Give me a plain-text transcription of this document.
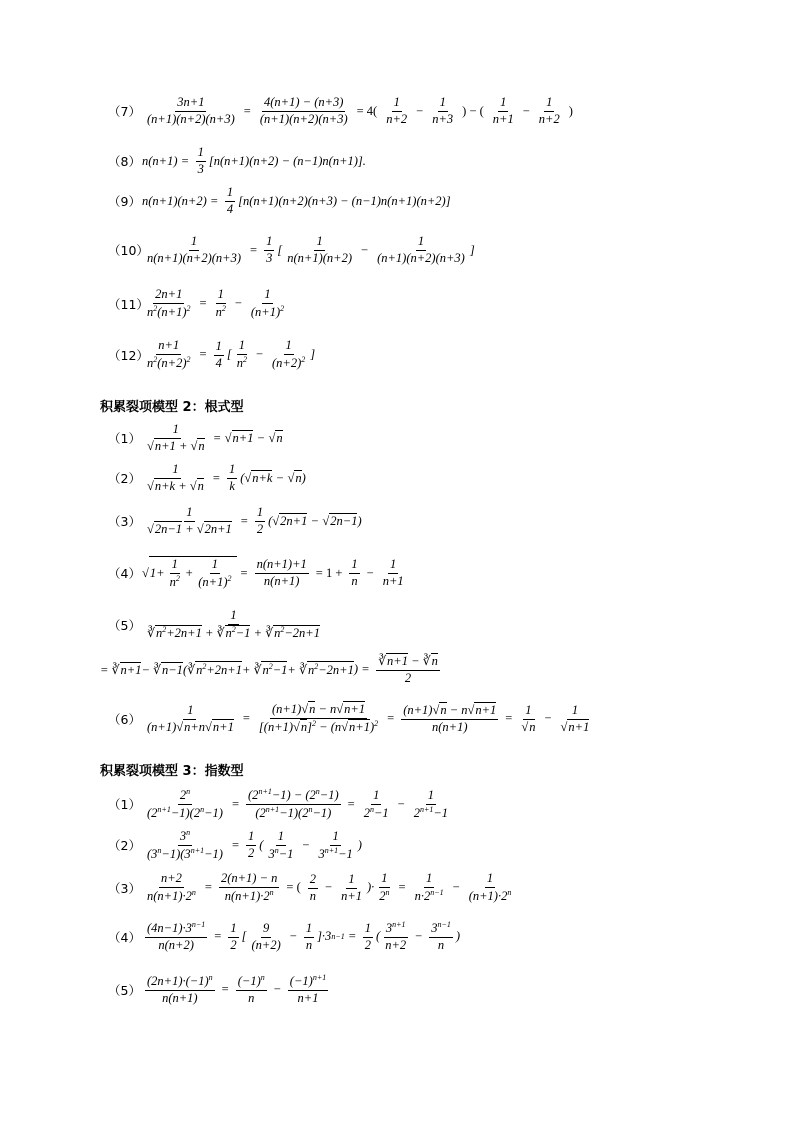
$(7) \frac{3n+1}{(n+1)(n+2)(n+3)} = \frac{4(n+1) - (n+3)}{(n+1)(n+2)(n+3)} = 4( \frac{1}{n+2} - \frac{1}{n+3}$ ) − ( $\frac{1}{n+1} - \frac{1}{n+2}$ )
（8） $n(n+1) = \frac{1}{3} [n(n+1)(n+2) - (n-1)n(n+1)]$.
（9） $n(n+1)(n+2) = \frac{1}{4} [n(n+1)(n+2)(n+3) - (n-1)n(n+1)(n+2)]$
（10）
$\frac{1}{n(n+1)(n+2)(n+3)} = \frac{1}{3}$ [ $\frac{1}{n(n+1)(n+2)} - \frac{1}{(n+1)(n+2)(n+3)}$ ]
（11）
$\frac{2n+1}{n^2(n+1)^2} = \frac{1}{n^2} - \frac{1}{(n+1)^2}$
（12）
$\frac{n+1}{n^2(n+2)^2} = \frac{1}{4}$ [ $\frac{1}{n^2} - \frac{1}{(n+2)^2}$ ]
积累裂项模型 2：根式型
$(1) \frac{1}{√n+1 + √n}$ = √ n+1 − √ n
$(2) \frac{1}{√n+k + √n} = \frac{1}{k}$ (√ n+k − √ n )
$(3) \frac{1}{√2n-1 + √2n+1} = \frac{1}{2}$ (√ 2n+1 − √ 2n−1 )
（4） √ $1+ \frac{1}{n^2} + \frac{1}{(n+1)^2} = \frac{n(n+1)+1}{n(n+1)} = 1 + \frac{1}{n} - \frac{1}{n+1}$
$(5) \frac{1}{∛n^2+2n+1 + ∛n^2-1 + ∛n^2-2n+1}$
= ∛ n+1 − ∛ n−1 (∛ $n^2+2n+1$ + ∛ $n^2-1$ + ∛ $n^2-2n+1$ ) = $\frac{∛n+1 - ∛n}{2}$
$(6) \frac{1}{(n+1)√n+n√n+1} = \frac{(n+1)√n - n√n+1}{[(n+1)√n]^2 - (n√n+1)^2} = \frac{(n+1)√n - n√n+1}{n(n+1)} = \frac{1}{√n} - \frac{1}{√n+1}$
积累裂项模型 3：指数型
$(1) \frac{2^n}{(2^{n+1}-1)(2^n-1)} = \frac{(2^{n+1}-1) - (2^n-1)}{(2^{n+1}-1)(2^n-1)} = \frac{1}{2^n-1} - \frac{1}{2^{n+1}-1}$
$(2) \frac{3^n}{(3^n-1)(3^{n+1}-1)} = \frac{1}{2}$ ( $\frac{1}{3^n-1} - \frac{1}{3^{n+1}-1}$ )
$(3) \frac{n+2}{n(n+1)\cdot 2^n} = \frac{2(n+1) - n}{n(n+1)\cdot 2^n}$ = ( $\frac{2}{n} - \frac{1}{n+1}$ )· $\frac{1}{2^n} = \frac{1}{n\cdot 2^{n-1}} - \frac{1}{(n+1)\cdot 2^n}$
$(4) \frac{(4n-1)\cdot 3^{n-1}}{n(n+2)} = \frac{1}{2}$ [ $\frac{9}{(n+2)} - \frac{1}{n} ]\cdot 3$ $n-1 = \frac{1}{2}$ ( $\frac{3^{n+1}}{n+2} - \frac{3^{n-1}}{n}$ )
$(5) \frac{(2n+1)\cdot(-1)^n}{n(n+1)} = \frac{(-1)^n}{n} - \frac{(-1)^{n+1}}{n+1}$
